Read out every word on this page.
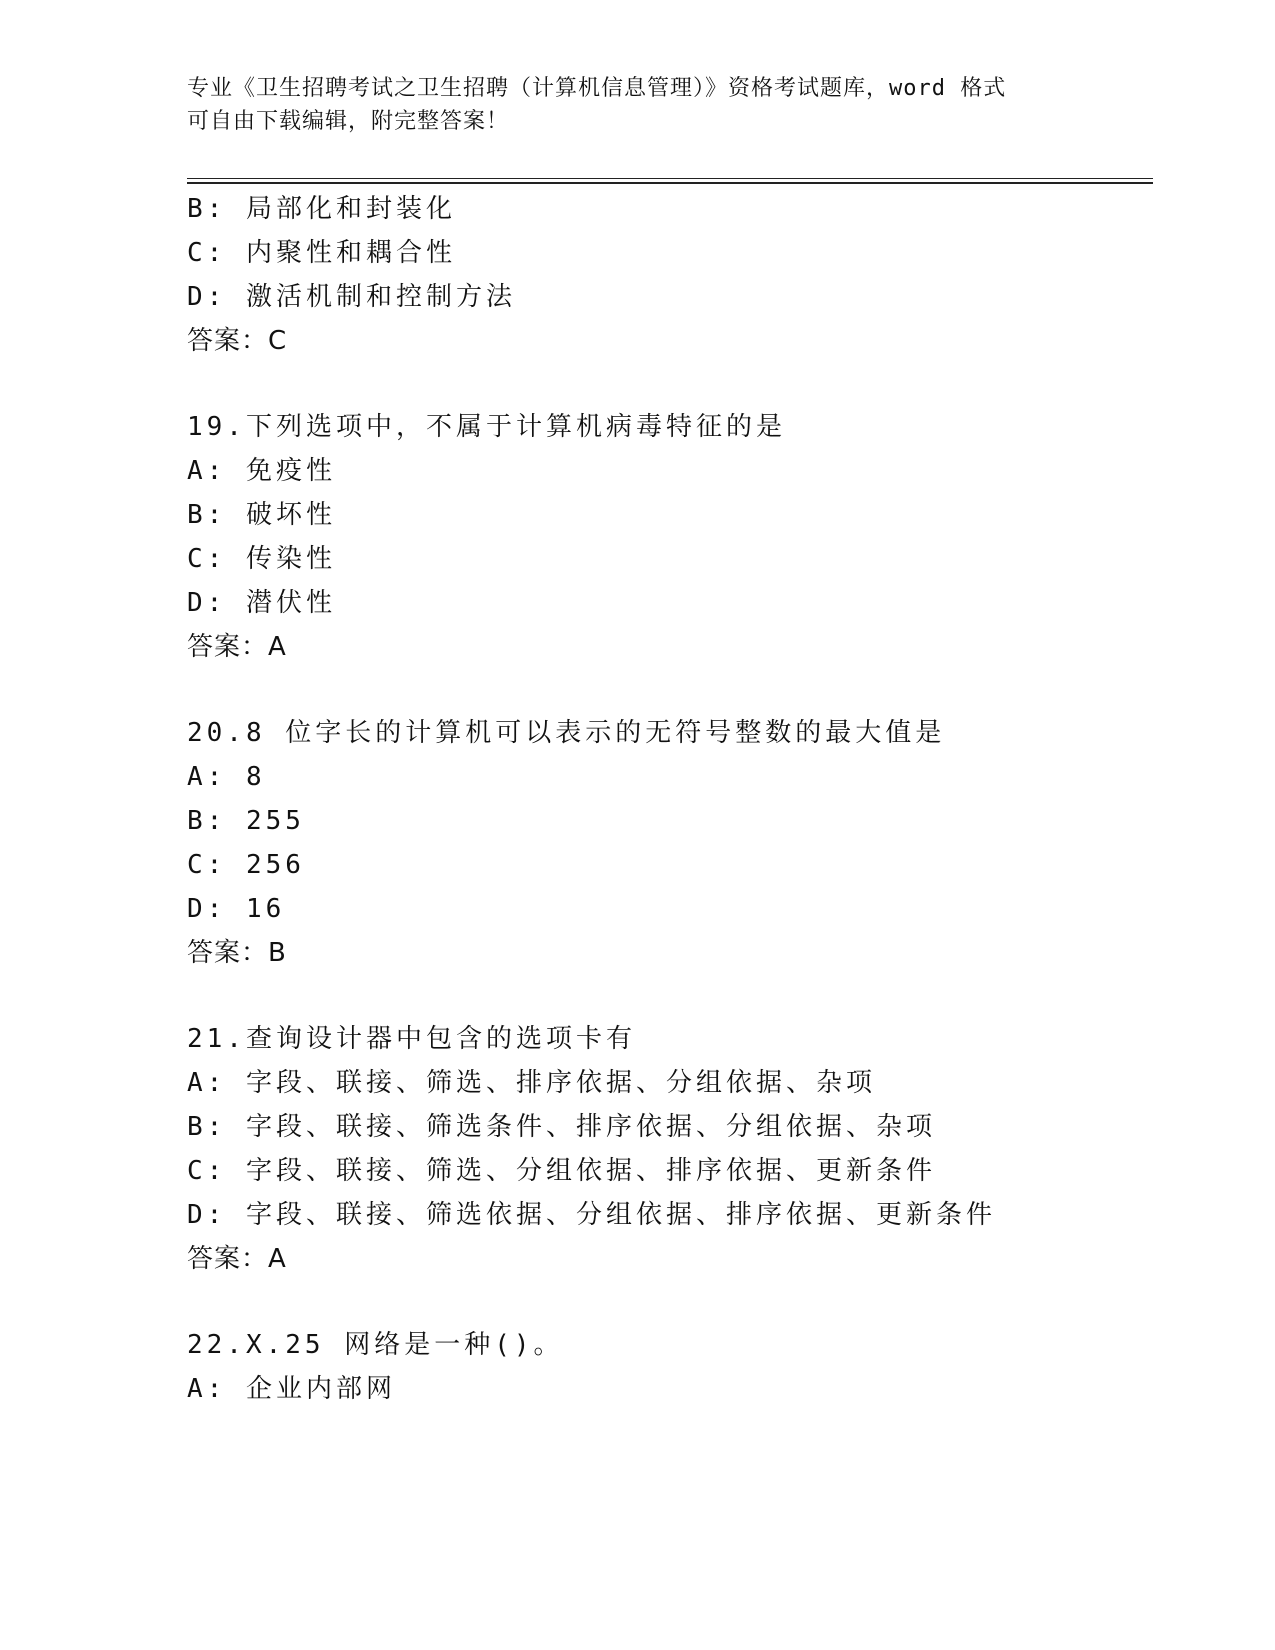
专业《卫生招聘考试之卫生招聘（计算机信息管理）》资格考试题库，word 格式
可自由下载编辑，附完整答案！
B: 局部化和封装化
C: 内聚性和耦合性
D: 激活机制和控制方法
答案：C
19.下列选项中，不属于计算机病毒特征的是
A: 免疫性
B: 破坏性
C: 传染性
D: 潜伏性
答案：A
20.8 位字长的计算机可以表示的无符号整数的最大值是
A: 8
B: 255
C: 256
D: 16
答案：B
21.查询设计器中包含的选项卡有
A: 字段、联接、筛选、排序依据、分组依据、杂项
B: 字段、联接、筛选条件、排序依据、分组依据、杂项
C: 字段、联接、筛选、分组依据、排序依据、更新条件
D: 字段、联接、筛选依据、分组依据、排序依据、更新条件
答案：A
22.X.25 网络是一种()。
A: 企业内部网
